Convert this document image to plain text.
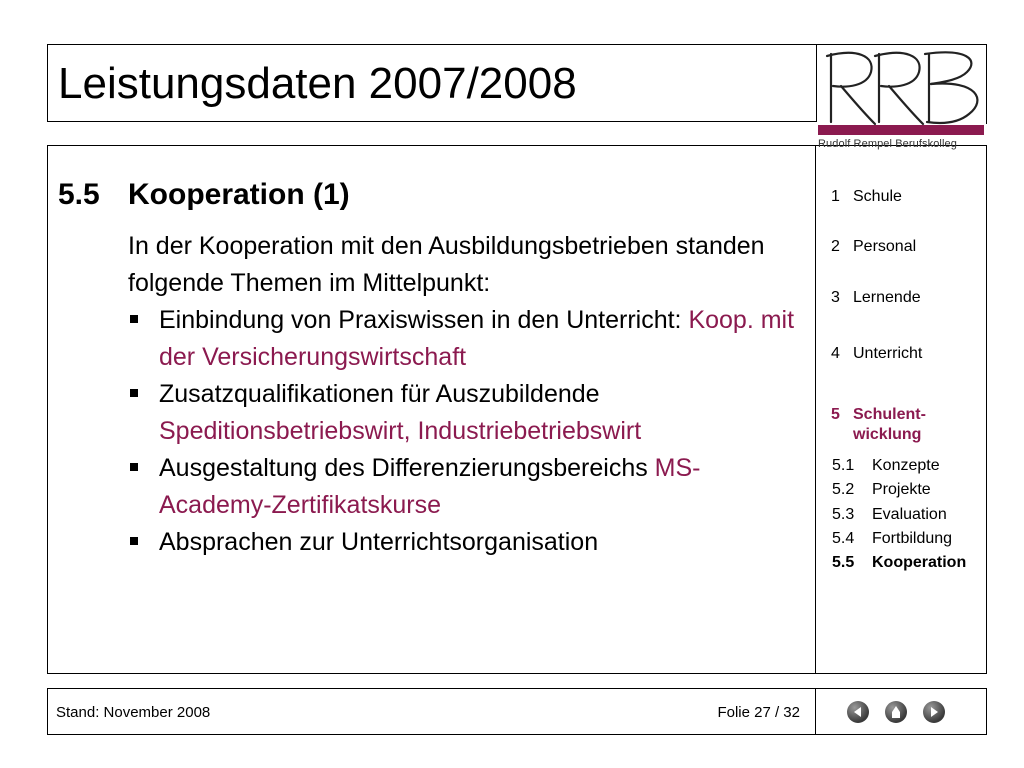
Leistungsdaten 2007/2008
Rudolf Rempel Berufskolleg
5.5 Kooperation (1)

In der Kooperation mit den Ausbildungsbetrieben standen folgende Themen im Mittelpunkt:

Einbindung von Praxiswissen in den Unterricht: Koop. mit der Versicherungswirtschaft
Zusatzqualifikationen für Auszubildende Speditionsbetriebswirt, Industriebetriebswirt
Ausgestaltung des Differenzierungsbereichs MS-Academy-Zertifikatskurse
Absprachen zur Unterrichtsorganisation
1 Schule
2 Personal
3 Lernende
4 Unterricht
5 Schulent-
wicklung
5.1 Konzepte
5.2 Projekte
5.3 Evaluation
5.4 Fortbildung
5.5 Kooperation
Stand: November 2008	Folie 27 / 32
